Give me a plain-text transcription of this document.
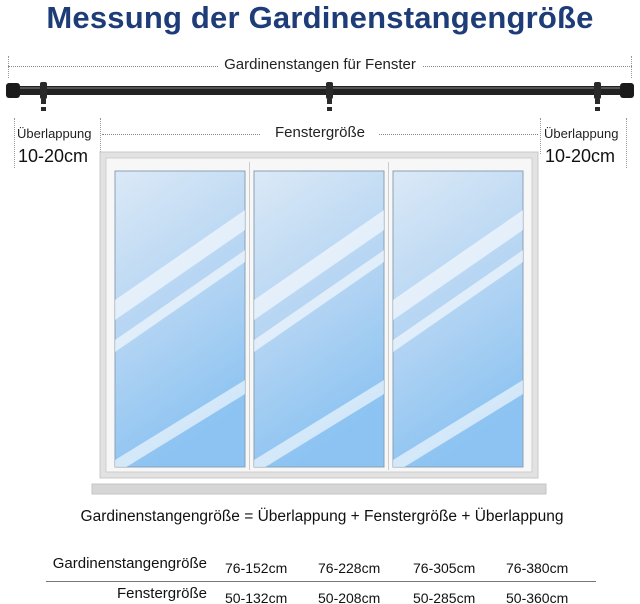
Messung der Gardinenstangengröße
Gardinenstangen für Fenster
Überlappung
10-20cm
Überlappung
10-20cm
Fenstergröße
Gardinenstangengröße = Überlappung + Fenstergröße + Überlappung
Gardinenstangengröße 76-152cm 76-228cm 76-305cm 76-380cm
Fenstergröße 50-132cm 50-208cm 50-285cm 50-360cm
